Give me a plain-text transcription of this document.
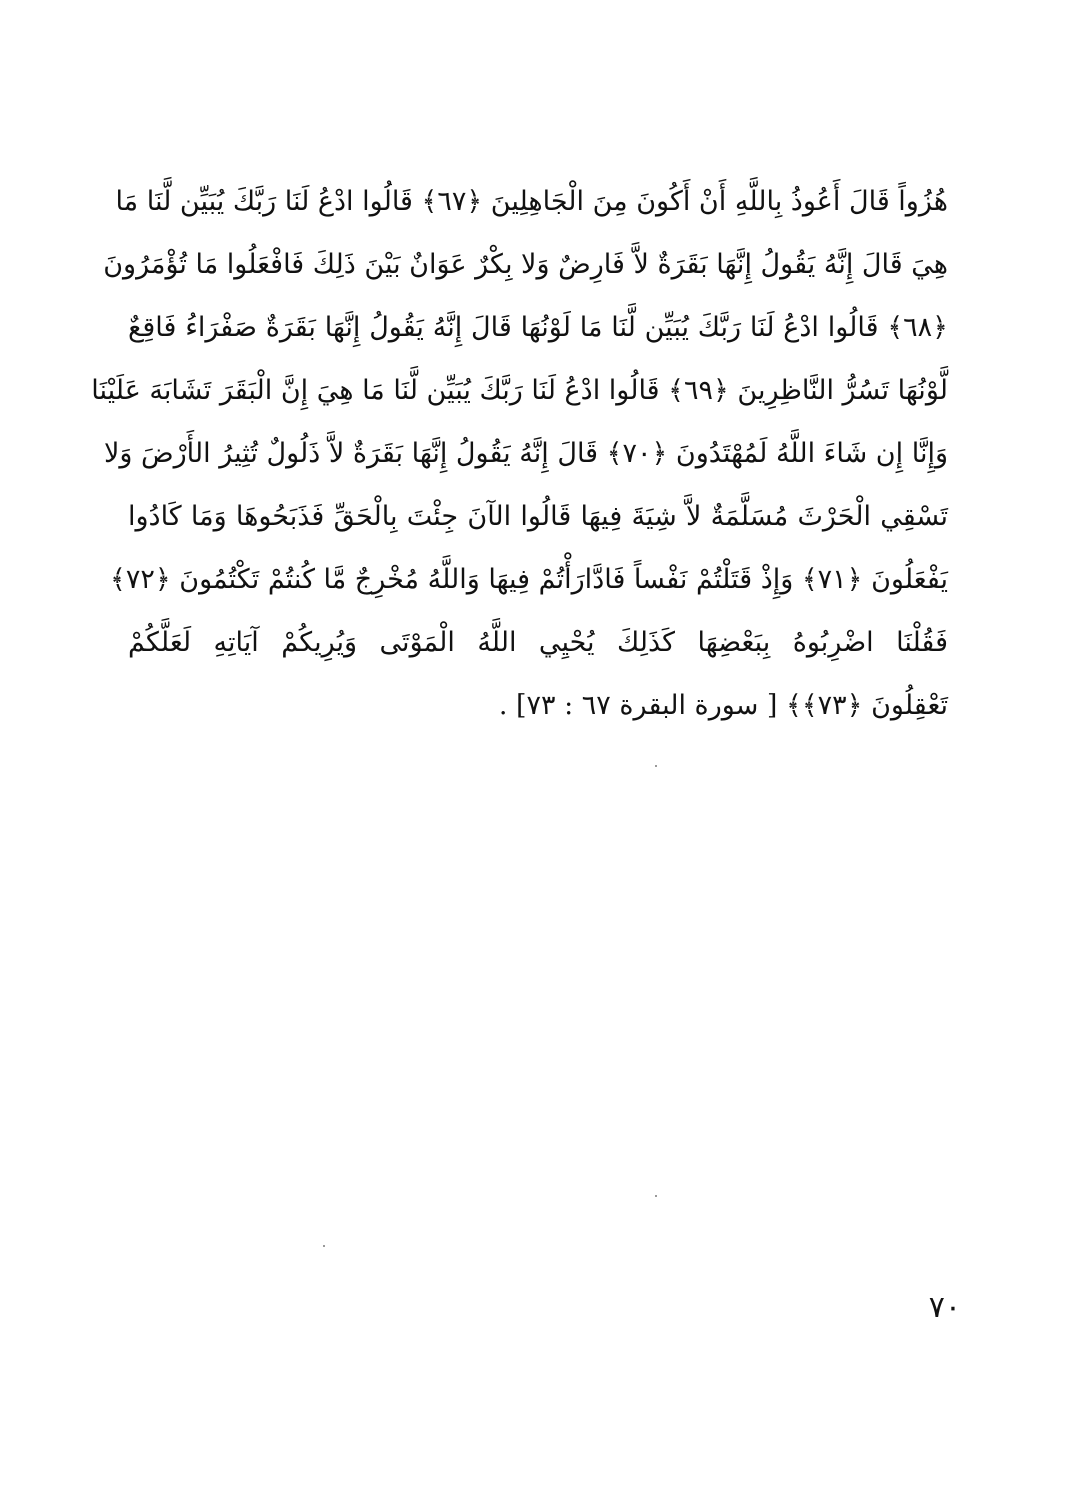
هُزُواً قَالَ أَعُوذُ بِاللَّهِ أَنْ أَكُونَ مِنَ الْجَاهِلِينَ ﴿٦٧﴾ قَالُوا ادْعُ لَنَا رَبَّكَ يُبَيِّن لَّنَا مَا
هِيَ قَالَ إِنَّهُ يَقُولُ إِنَّهَا بَقَرَةٌ لاَّ فَارِضٌ وَلا بِكْرٌ عَوَانٌ بَيْنَ ذَلِكَ فَافْعَلُوا مَا تُؤْمَرُونَ
﴿٦٨﴾ قَالُوا ادْعُ لَنَا رَبَّكَ يُبَيِّن لَّنَا مَا لَوْنُهَا قَالَ إِنَّهُ يَقُولُ إِنَّهَا بَقَرَةٌ صَفْرَاءُ فَاقِعٌ
لَّوْنُهَا تَسُرُّ النَّاظِرِينَ ﴿٦٩﴾ قَالُوا ادْعُ لَنَا رَبَّكَ يُبَيِّن لَّنَا مَا هِيَ إِنَّ الْبَقَرَ تَشَابَهَ عَلَيْنَا
وَإِنَّا إِن شَاءَ اللَّهُ لَمُهْتَدُونَ ﴿٧٠﴾ قَالَ إِنَّهُ يَقُولُ إِنَّهَا بَقَرَةٌ لاَّ ذَلُولٌ تُثِيرُ الأَرْضَ وَلا
تَسْقِي الْحَرْثَ مُسَلَّمَةٌ لاَّ شِيَةَ فِيهَا قَالُوا الآنَ جِئْتَ بِالْحَقِّ فَذَبَحُوهَا وَمَا كَادُوا
يَفْعَلُونَ ﴿٧١﴾ وَإِذْ قَتَلْتُمْ نَفْساً فَادَّارَأْتُمْ فِيهَا وَاللَّهُ مُخْرِجٌ مَّا كُنتُمْ تَكْتُمُونَ ﴿٧٢﴾
فَقُلْنَا اضْرِبُوهُ بِبَعْضِهَا كَذَلِكَ يُحْيِي اللَّهُ الْمَوْتَى وَيُرِيكُمْ آيَاتِهِ لَعَلَّكُمْ
تَعْقِلُونَ ﴿٧٣﴾﴾ [ سورة البقرة ٦٧ : ٧٣] .
٧٠
